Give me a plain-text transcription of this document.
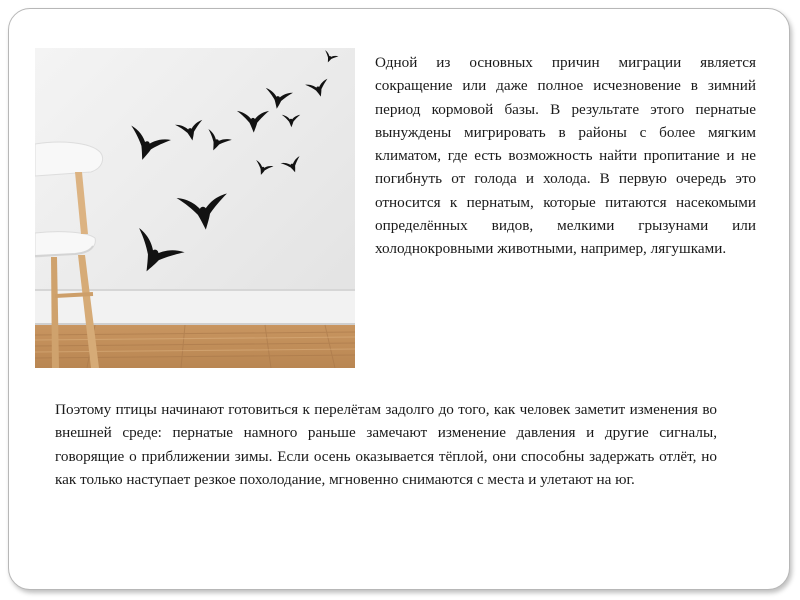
Одной из основных причин миграции является сокращение или даже полное исчезновение в зимний период кормовой базы. В результате этого пернатые вынуждены мигрировать в районы с более мягким климатом, где есть возможность найти пропитание и не погибнуть от голода и холода. В первую очередь это относится к пернатым, которые питаются насекомыми определённых видов, мелкими грызунами или холоднокровными животными, например, лягушками.

Поэтому птицы начинают готовиться к перелётам задолго до того, как человек заметит изменения во внешней среде: пернатые намного раньше замечают изменение давления и другие сигналы, говорящие о приближении зимы. Если осень оказывается тёплой, они способны задержать отлёт, но как только наступает резкое похолодание, мгновенно снимаются с места и улетают на юг.
